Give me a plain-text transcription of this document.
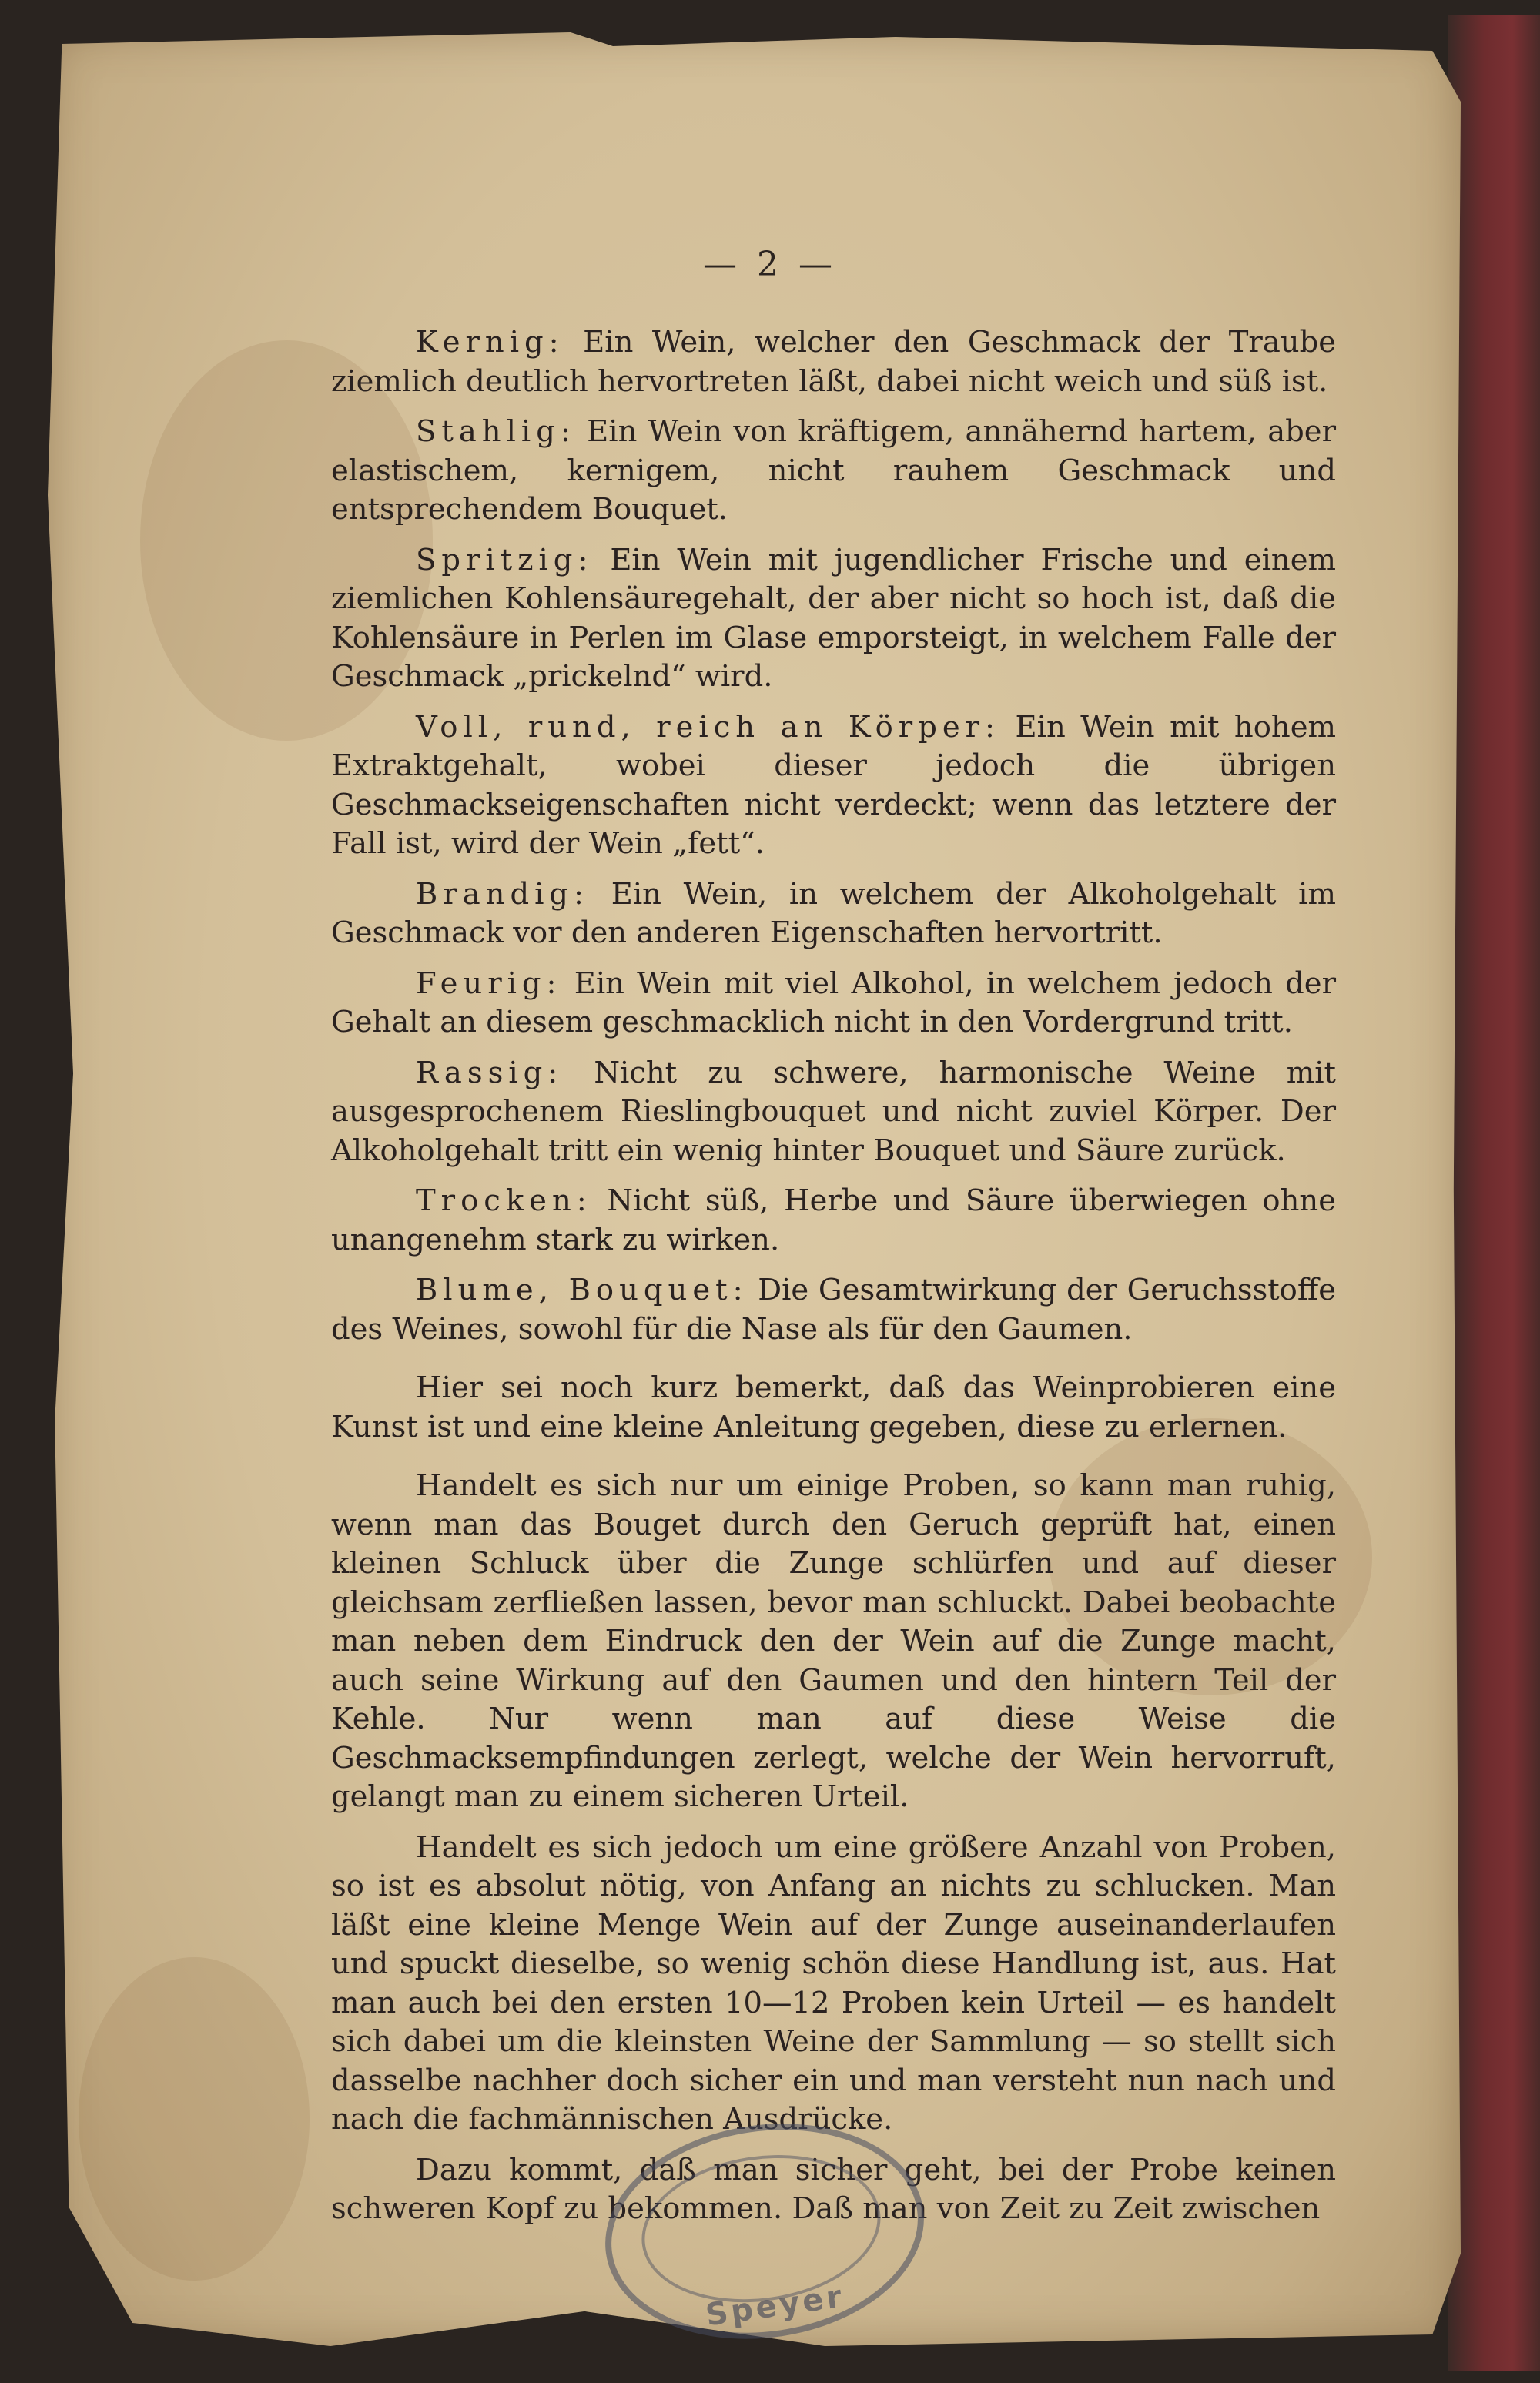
— 2 —

Kernig: Ein Wein, welcher den Geschmack der Traube ziemlich deutlich hervortreten läßt, dabei nicht weich und süß ist.

Stahlig: Ein Wein von kräftigem, annähernd hartem, aber elastischem, kernigem, nicht rauhem Geschmack und entsprechendem Bouquet.

Spritzig: Ein Wein mit jugendlicher Frische und einem ziemlichen Kohlensäuregehalt, der aber nicht so hoch ist, daß die Kohlensäure in Perlen im Glase emporsteigt, in welchem Falle der Geschmack „prickelnd“ wird.

Voll, rund, reich an Körper: Ein Wein mit hohem Extraktgehalt, wobei dieser jedoch die übrigen Geschmackseigenschaften nicht verdeckt; wenn das letztere der Fall ist, wird der Wein „fett“.

Brandig: Ein Wein, in welchem der Alkoholgehalt im Geschmack vor den anderen Eigenschaften hervortritt.

Feurig: Ein Wein mit viel Alkohol, in welchem jedoch der Gehalt an diesem geschmacklich nicht in den Vordergrund tritt.

Rassig: Nicht zu schwere, harmonische Weine mit ausgesprochenem Rieslingbouquet und nicht zuviel Körper. Der Alkoholgehalt tritt ein wenig hinter Bouquet und Säure zurück.

Trocken: Nicht süß, Herbe und Säure überwiegen ohne unangenehm stark zu wirken.

Blume, Bouquet: Die Gesamtwirkung der Geruchsstoffe des Weines, sowohl für die Nase als für den Gaumen.

Hier sei noch kurz bemerkt, daß das Weinprobieren eine Kunst ist und eine kleine Anleitung gegeben, diese zu erlernen.

Handelt es sich nur um einige Proben, so kann man ruhig, wenn man das Bouget durch den Geruch geprüft hat, einen kleinen Schluck über die Zunge schlürfen und auf dieser gleichsam zerfließen lassen, bevor man schluckt. Dabei beobachte man neben dem Eindruck den der Wein auf die Zunge macht, auch seine Wirkung auf den Gaumen und den hintern Teil der Kehle. Nur wenn man auf diese Weise die Geschmacksempfindungen zerlegt, welche der Wein hervorruft, gelangt man zu einem sicheren Urteil.

Handelt es sich jedoch um eine größere Anzahl von Proben, so ist es absolut nötig, von Anfang an nichts zu schlucken. Man läßt eine kleine Menge Wein auf der Zunge auseinanderlaufen und spuckt dieselbe, so wenig schön diese Handlung ist, aus. Hat man auch bei den ersten 10—12 Proben kein Urteil — es handelt sich dabei um die kleinsten Weine der Sammlung — so stellt sich dasselbe nachher doch sicher ein und man versteht nun nach und nach die fachmännischen Ausdrücke.

Dazu kommt, daß man sicher geht, bei der Probe keinen schweren Kopf zu bekommen. Daß man von Zeit zu Zeit zwischen

Speyer
